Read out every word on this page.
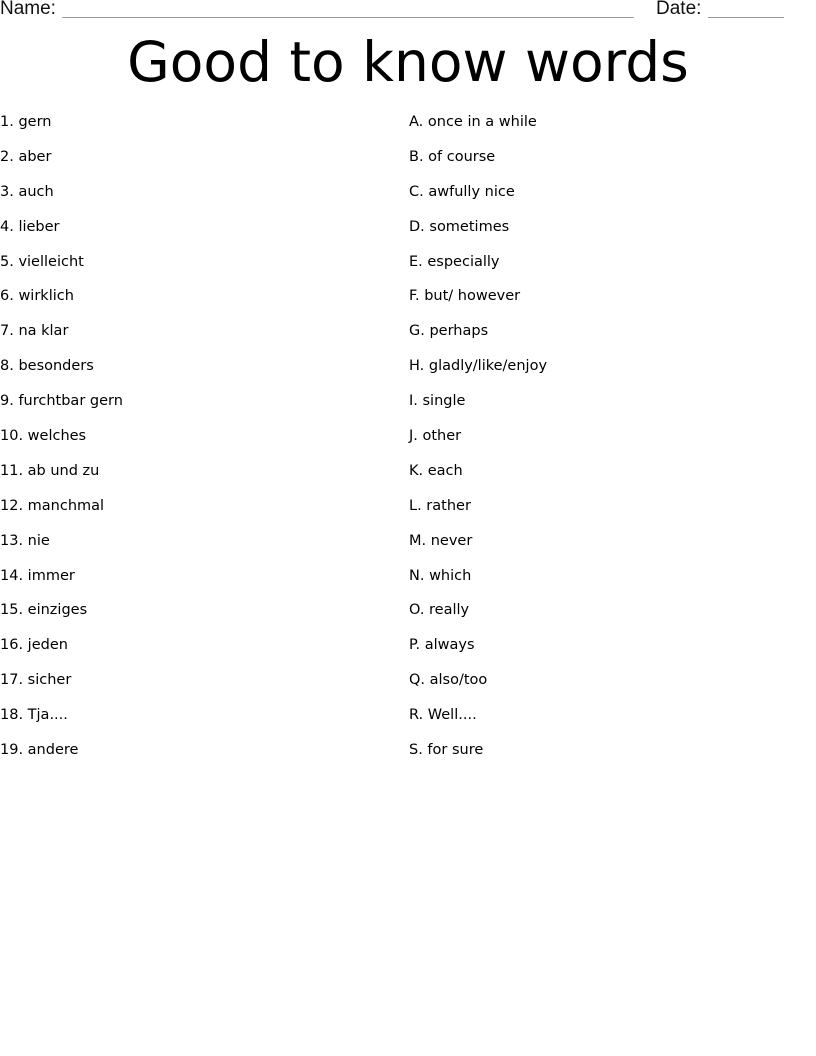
Name:	Date:
Good to know words
1. gern
2. aber
3. auch
4. lieber
5. vielleicht
6. wirklich
7. na klar
8. besonders
9. furchtbar gern
10. welches
11. ab und zu
12. manchmal
13. nie
14. immer
15. einziges
16. jeden
17. sicher
18. Tja....
19. andere
A. once in a while
B. of course
C. awfully nice
D. sometimes
E. especially
F. but/ however
G. perhaps
H. gladly/like/enjoy
I. single
J. other
K. each
L. rather
M. never
N. which
O. really
P. always
Q. also/too
R. Well....
S. for sure
